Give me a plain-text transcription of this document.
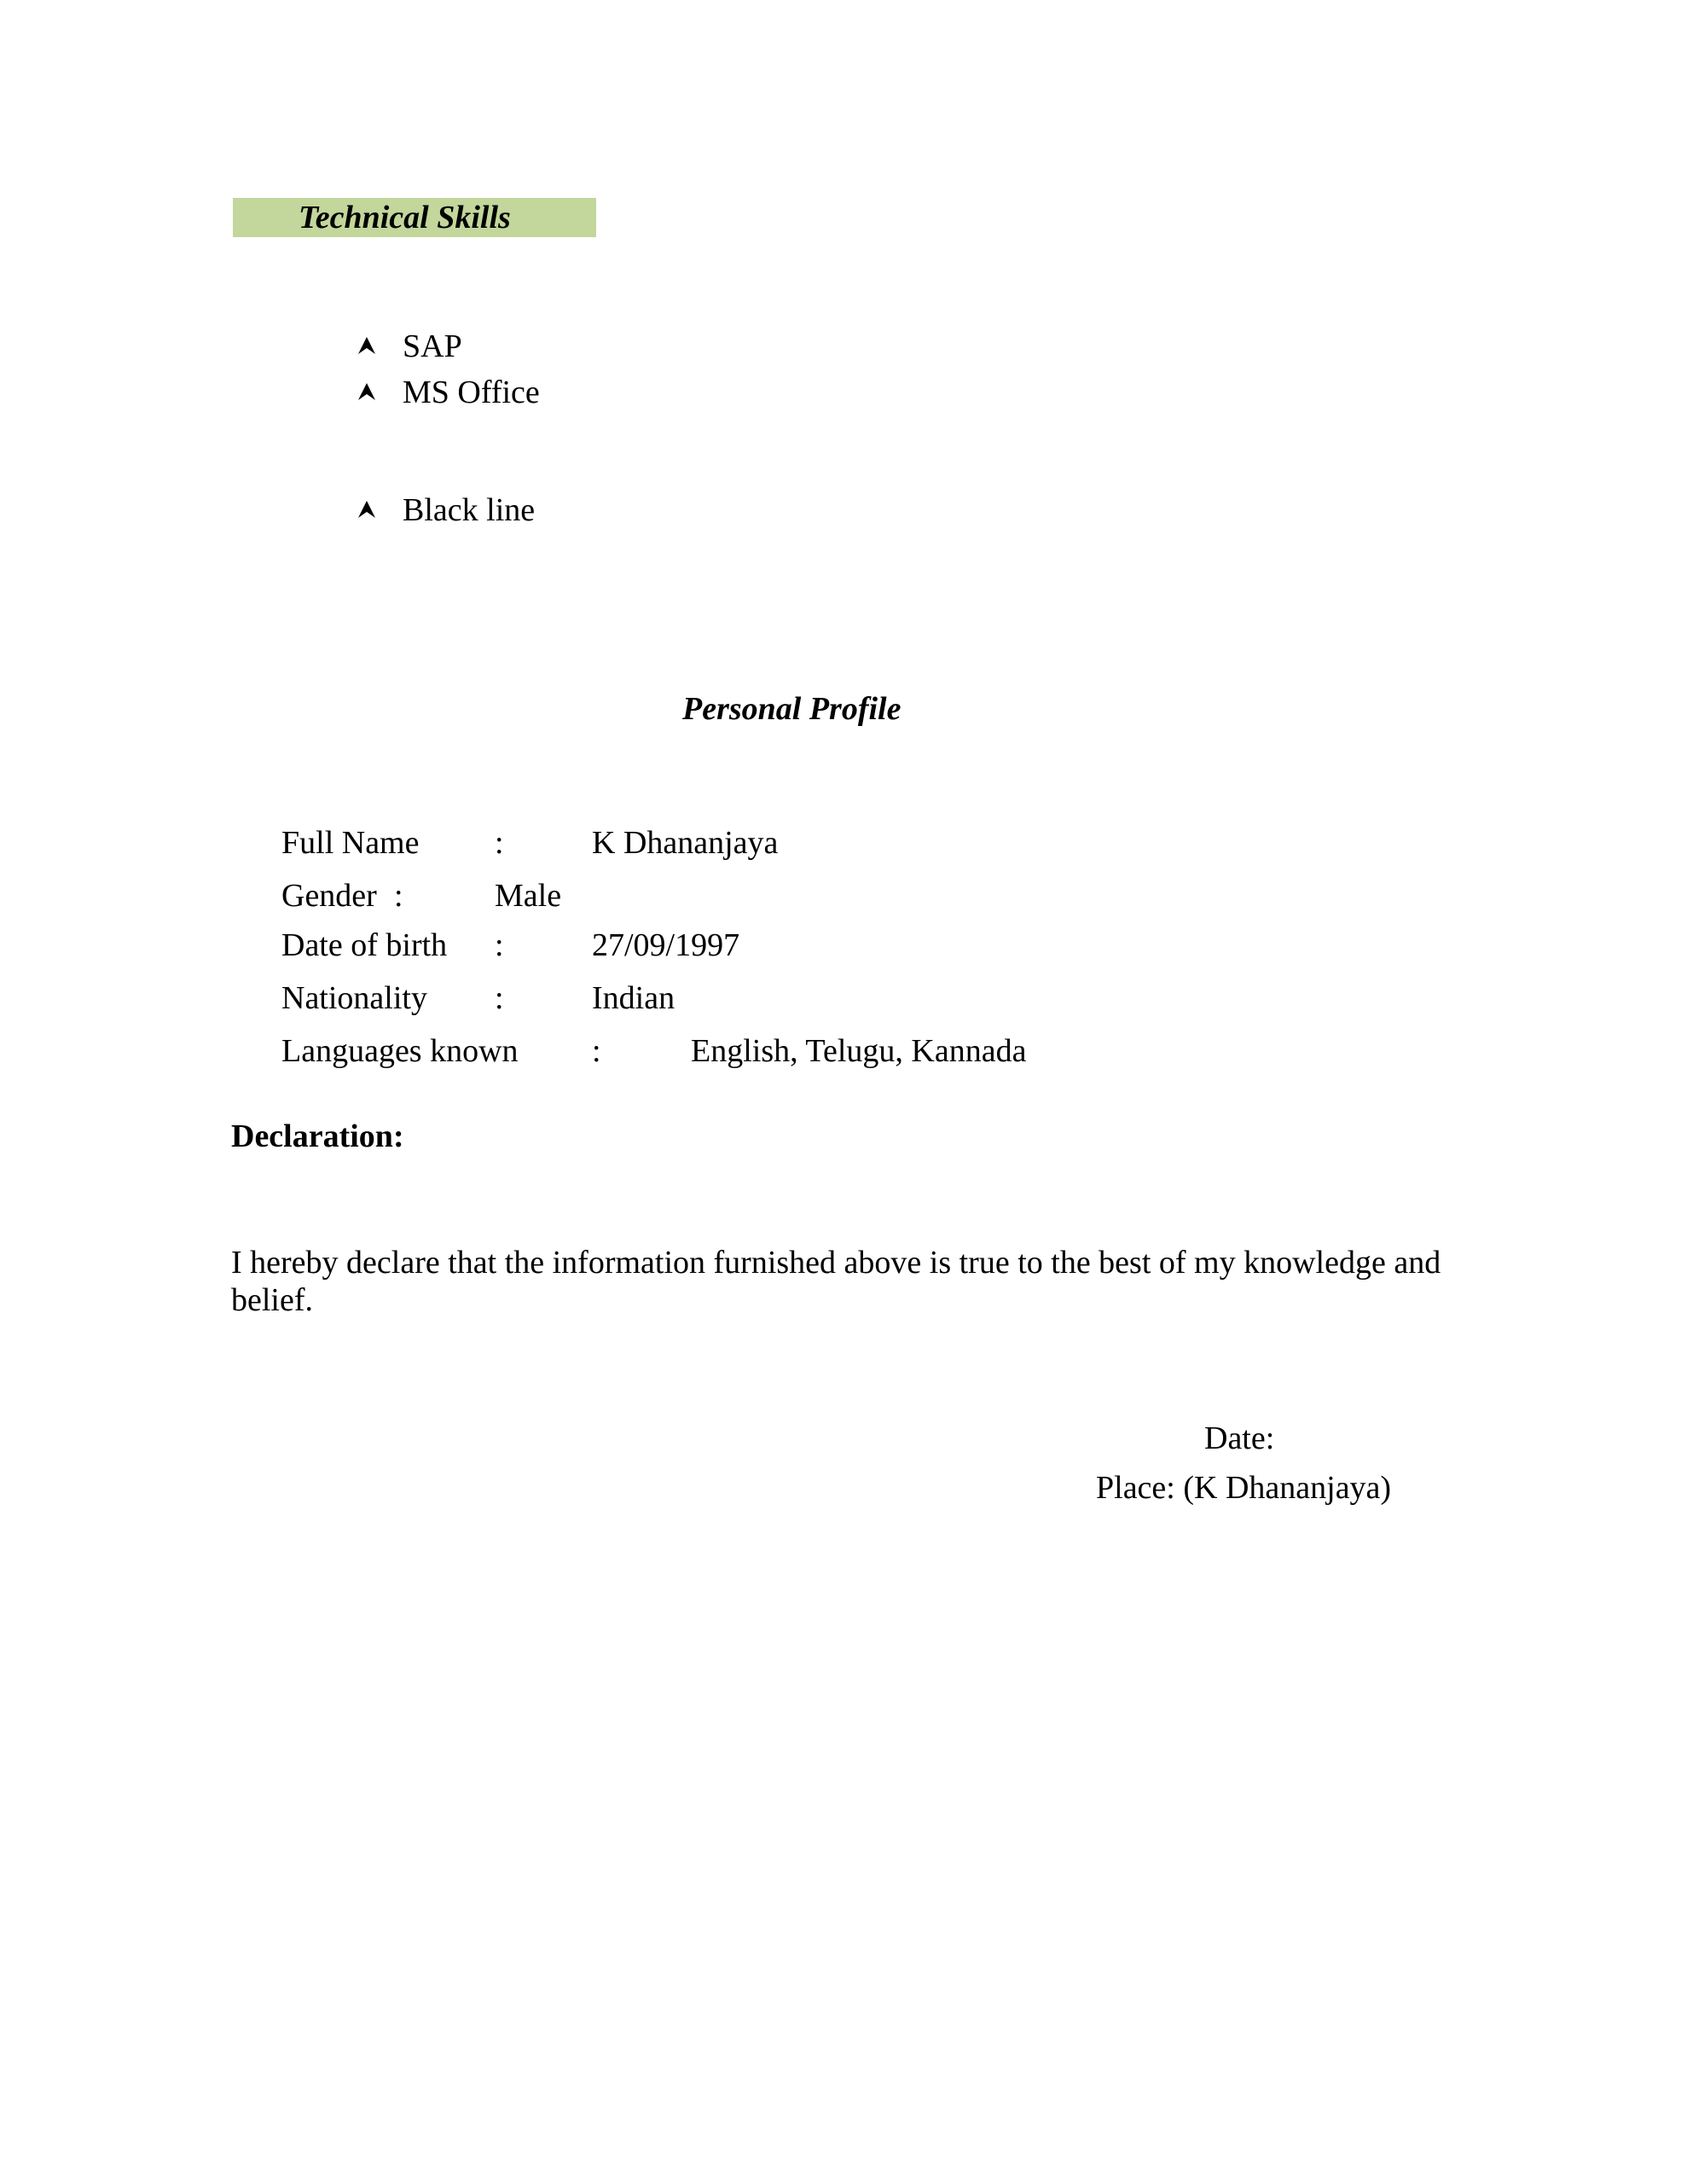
Technical Skills
SAP
MS Office
Black line
Personal Profile
Full Name :	K Dhananjaya
Gender :	Male
Date of birth :	27/09/1997
Nationality :	Indian
Languages known :	English, Telugu, Kannada
Declaration:
I hereby declare that the information furnished above is true to the best of my knowledge and belief.
Date:
Place: (K Dhananjaya)
